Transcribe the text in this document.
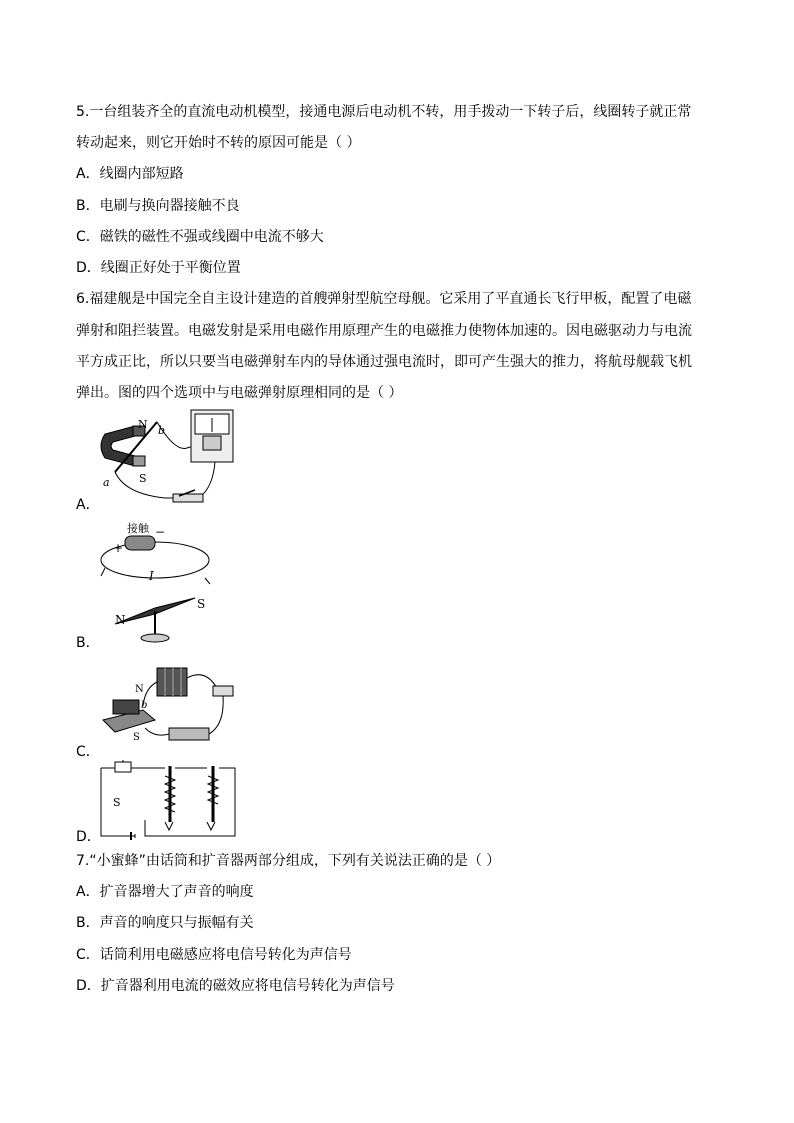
5.一台组装齐全的直流电动机模型，接通电源后电动机不转，用手拨动一下转子后，线圈转子就正常
转动起来，则它开始时不转的原因可能是（ ）
A．线圈内部短路
B．电刷与换向器接触不良
C．磁铁的磁性不强或线圈中电流不够大
D．线圈正好处于平衡位置
6.福建舰是中国完全自主设计建造的首艘弹射型航空母舰。它采用了平直通长飞行甲板，配置了电磁
弹射和阻拦装置。电磁发射是采用电磁作用原理产生的电磁推力使物体加速的。因电磁驱动力与电流
平方成正比，所以只要当电磁弹射车内的导体通过强电流时，即可产生强大的推力，将航母舰载飞机
弹出。图的四个选项中与电磁弹射原理相同的是（ ）
N b
S
a
A．
接触
+
−
I
N
S
B．
N
b
S
C．
S
D．
7.“小蜜蜂”由话筒和扩音器两部分组成，下列有关说法正确的是（ ）
A．扩音器增大了声音的响度
B．声音的响度只与振幅有关
C．话筒利用电磁感应将电信号转化为声信号
D．扩音器利用电流的磁效应将电信号转化为声信号
